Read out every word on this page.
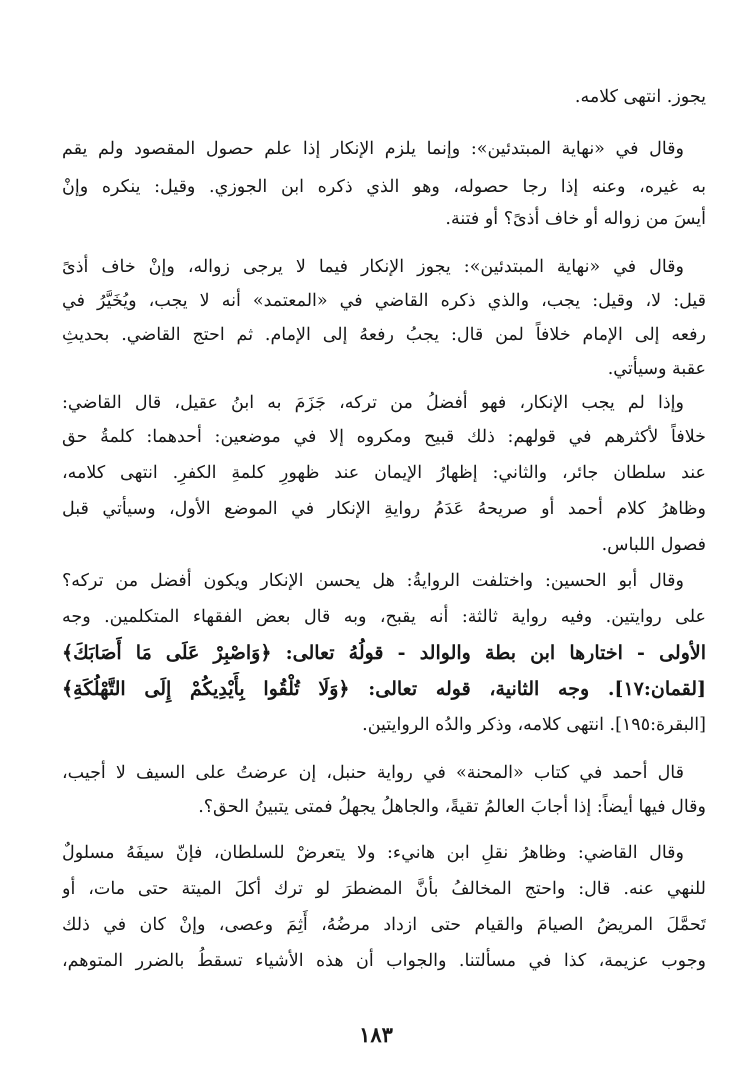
يجوز. انتهى كلامه.
وقال في «نهاية المبتدئين»: وإنما يلزم الإنكار إذا علم حصول المقصود ولم يقم
به غيره، وعنه إذا رجا حصوله، وهو الذي ذكره ابن الجوزي. وقيل: ينكره وإنْ
أيسَ من زواله أو خاف أذىً؟ أو فتنة.
وقال في «نهاية المبتدئين»: يجوز الإنكار فيما لا يرجى زواله، وإنْ خاف أذىً
قيل: لا، وقيل: يجب، والذي ذكره القاضي في «المعتمد» أنه لا يجب، ويُخَيَّرُ في
رفعه إلى الإمام خلافاً لمن قال: يجبُ رفعهُ إلى الإمام. ثم احتج القاضي. بحديثِ
عقبة وسيأتي.
وإذا لم يجب الإنكار، فهو أفضلُ من تركه، جَزَمَ به ابنُ عقيل، قال القاضي:
خلافاً لأكثرهم في قولهم: ذلك قبيح ومكروه إلا في موضعين: أحدهما: كلمةُ حق
عند سلطان جائر، والثاني: إظهارُ الإيمان عند ظهورِ كلمةِ الكفرِ. انتهى كلامه،
وظاهرُ كلام أحمد أو صريحهُ عَدَمُ روايةِ الإنكار في الموضع الأول، وسيأتي قبل
فصول اللباس.
وقال أبو الحسين: واختلفت الروايةُ: هل يحسن الإنكار ويكون أفضل من تركه؟
على روايتين. وفيه رواية ثالثة: أنه يقبح، وبه قال بعض الفقهاء المتكلمين. وجه
الأولى - اختارها ابن بطة والوالد - قولُهُ تعالى: ﴿وَاصْبِرْ عَلَى مَا أَصَابَكَ﴾
[لقمان:١٧]. وجه الثانية، قوله تعالى: ﴿وَلَا تُلْقُوا بِأَيْدِيكُمْ إِلَى التَّهْلُكَةِ﴾
[البقرة:١٩٥]. انتهى كلامه، وذكر والدُه الروايتين.
قال أحمد في كتاب «المحنة» في رواية حنبل، إن عرضتُ على السيف لا أجيب،
وقال فيها أيضاً: إذا أجابَ العالمُ تقيةً، والجاهلُ يجهلُ فمتى يتبينُ الحق؟.
وقال القاضي: وظاهرُ نقلِ ابن هانيء: ولا يتعرضْ للسلطان، فإنّ سيفَهُ مسلولٌ
للنهي عنه. قال: واحتج المخالفُ بأنَّ المضطرَ لو ترك أكلَ الميتة حتى مات، أو
تَحمَّلَ المريضُ الصيامَ والقيام حتى ازداد مرضُهُ، أَثِمَ وعصى، وإنْ كان في ذلك
وجوب عزيمة، كذا في مسألتنا. والجواب أن هذه الأشياء تسقطُ بالضرر المتوهم،
١٨٣
